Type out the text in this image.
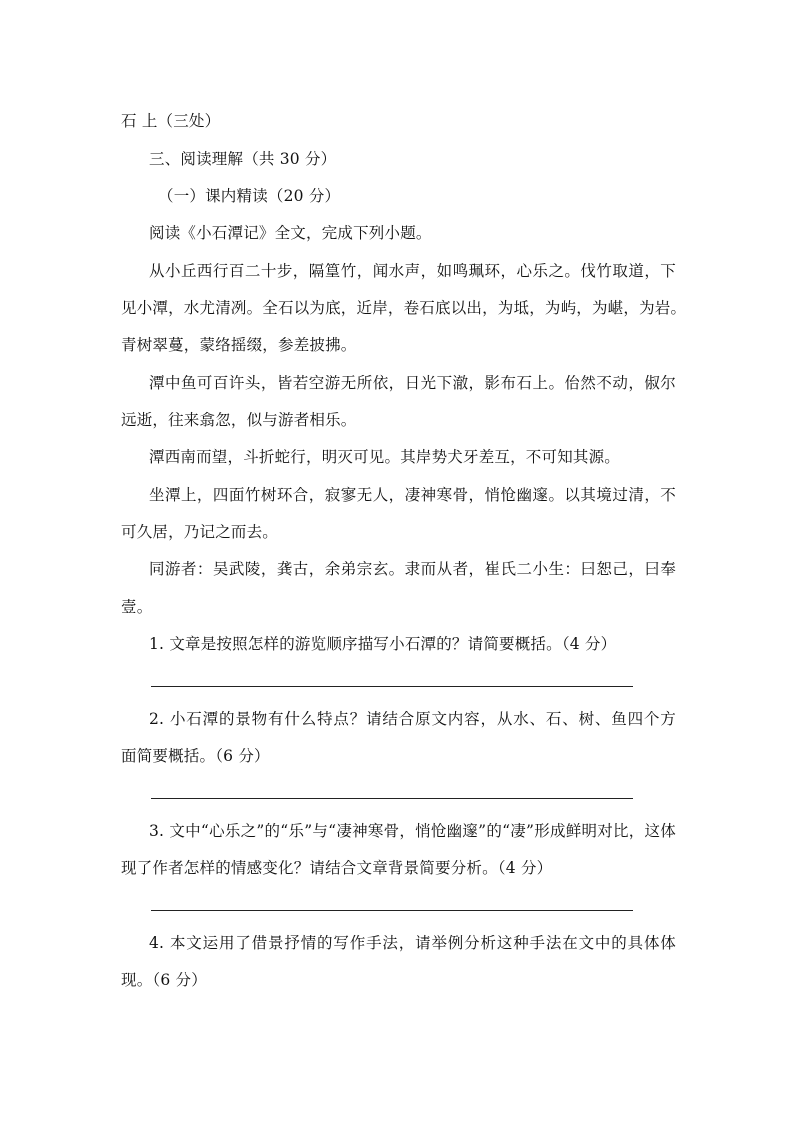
石 上（三处）
三、阅读理解（共 30 分）
（一）课内精读（20 分）
阅读《小石潭记》全文，完成下列小题。
从小丘西行百二十步，隔篁竹，闻水声，如鸣珮环，心乐之。伐竹取道，下
见小潭，水尤清冽。全石以为底，近岸，卷石底以出，为坻，为屿，为嵁，为岩。
青树翠蔓，蒙络摇缀，参差披拂。
潭中鱼可百许头，皆若空游无所依，日光下澈，影布石上。佁然不动，俶尔
远逝，往来翕忽，似与游者相乐。
潭西南而望，斗折蛇行，明灭可见。其岸势犬牙差互，不可知其源。
坐潭上，四面竹树环合，寂寥无人，凄神寒骨，悄怆幽邃。以其境过清，不
可久居，乃记之而去。
同游者：吴武陵，龚古，余弟宗玄。隶而从者，崔氏二小生：曰恕己，曰奉
壹。
1. 文章是按照怎样的游览顺序描写小石潭的？请简要概括。（4 分）
2. 小石潭的景物有什么特点？请结合原文内容，从水、石、树、鱼四个方
面简要概括。（6 分）
3. 文中“心乐之”的“乐”与“凄神寒骨，悄怆幽邃”的“凄”形成鲜明对比，这体
现了作者怎样的情感变化？请结合文章背景简要分析。（4 分）
4. 本文运用了借景抒情的写作手法，请举例分析这种手法在文中的具体体
现。（6 分）
